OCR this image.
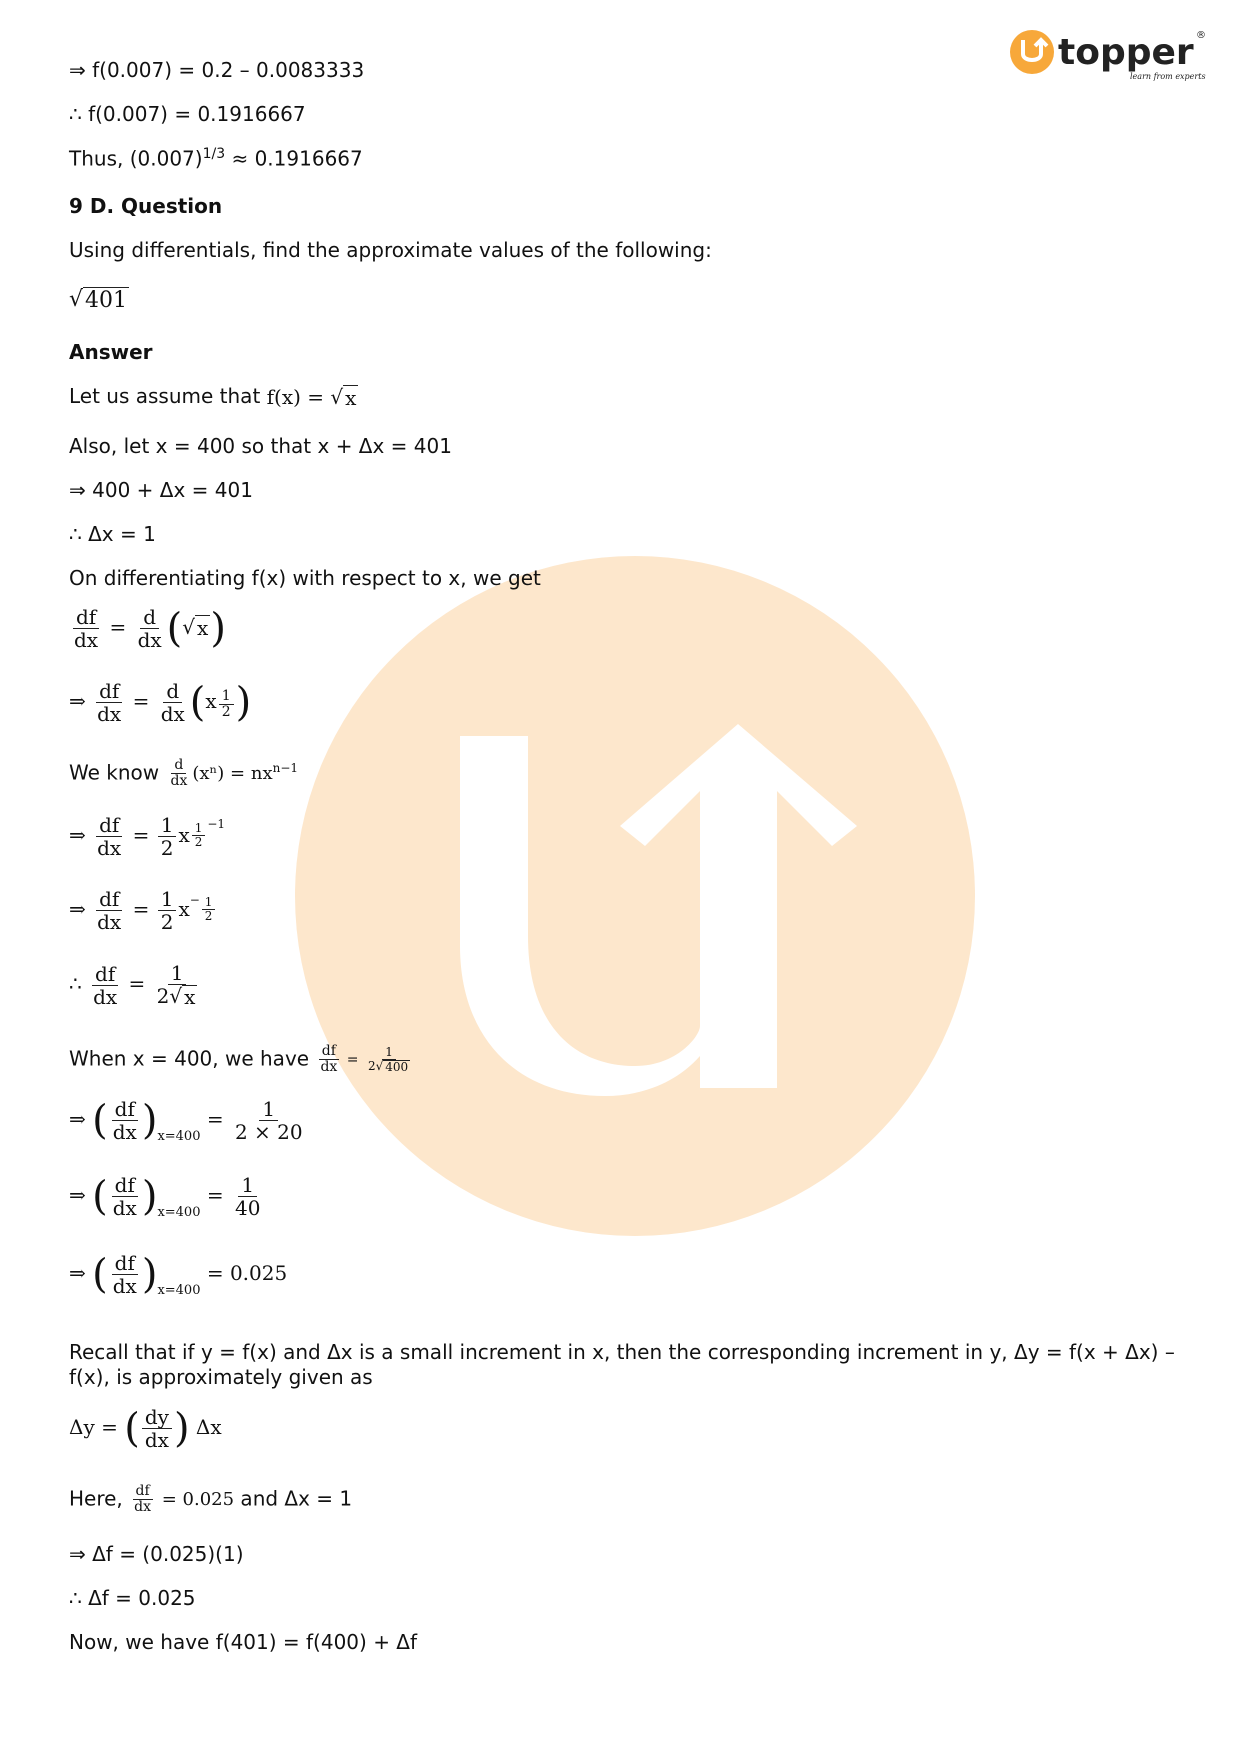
topper ®
learn from experts
⇒ f(0.007) = 0.2 – 0.0083333
∴ f(0.007) = 0.1916667
Thus, $(0.007)^{1/3} \approx 0.1916667$
9 D. Question
Using differentials, find the approximate values of the following:
√ 401
Answer
Let us assume that f(x) = √ x
Also, let x = 400 so that x + Δx = 401
⇒ 400 + Δx = 401
∴ Δx = 1
On differentiating f(x) with respect to x, we get
$\frac{df}{dx} = \frac{d}{dx}$ (√ x )
⇒ $\frac{df}{dx} = \frac{d}{dx} (x \frac{1}{2}$ )
We know $\frac{d}{dx} (x^n) = nx^{n-1}$
⇒ $\frac{df}{dx} = \frac{1}{2}$ x $\frac{1}{2} ^{-1}$
⇒ $\frac{df}{dx} = \frac{1}{2} x^- \frac{1}{2}$
∴ $\frac{df}{dx} = \frac{1}{2√ x}$
When x = 400, we have $\frac{df}{dx} = \frac{1}{2√ 400}$
⇒ ( $\frac{df}{dx} )_{x=400} = \frac{1}{2 \times 20}$
⇒ ( $\frac{df}{dx} )_{x=400} = \frac{1}{40}$
⇒ ( $\frac{df}{dx} )_{x=400} = 0.025$
Recall that if y = f(x) and Δx is a small increment in x, then the corresponding increment in y, Δy = f(x + Δx) – f(x), is approximately given as
Δy = ( $\frac{dy}{dx}$ ) Δx
Here, $\frac{df}{dx} = 0.025$ and Δx = 1
⇒ Δf = (0.025)(1)
∴ Δf = 0.025
Now, we have f(401) = f(400) + Δf
